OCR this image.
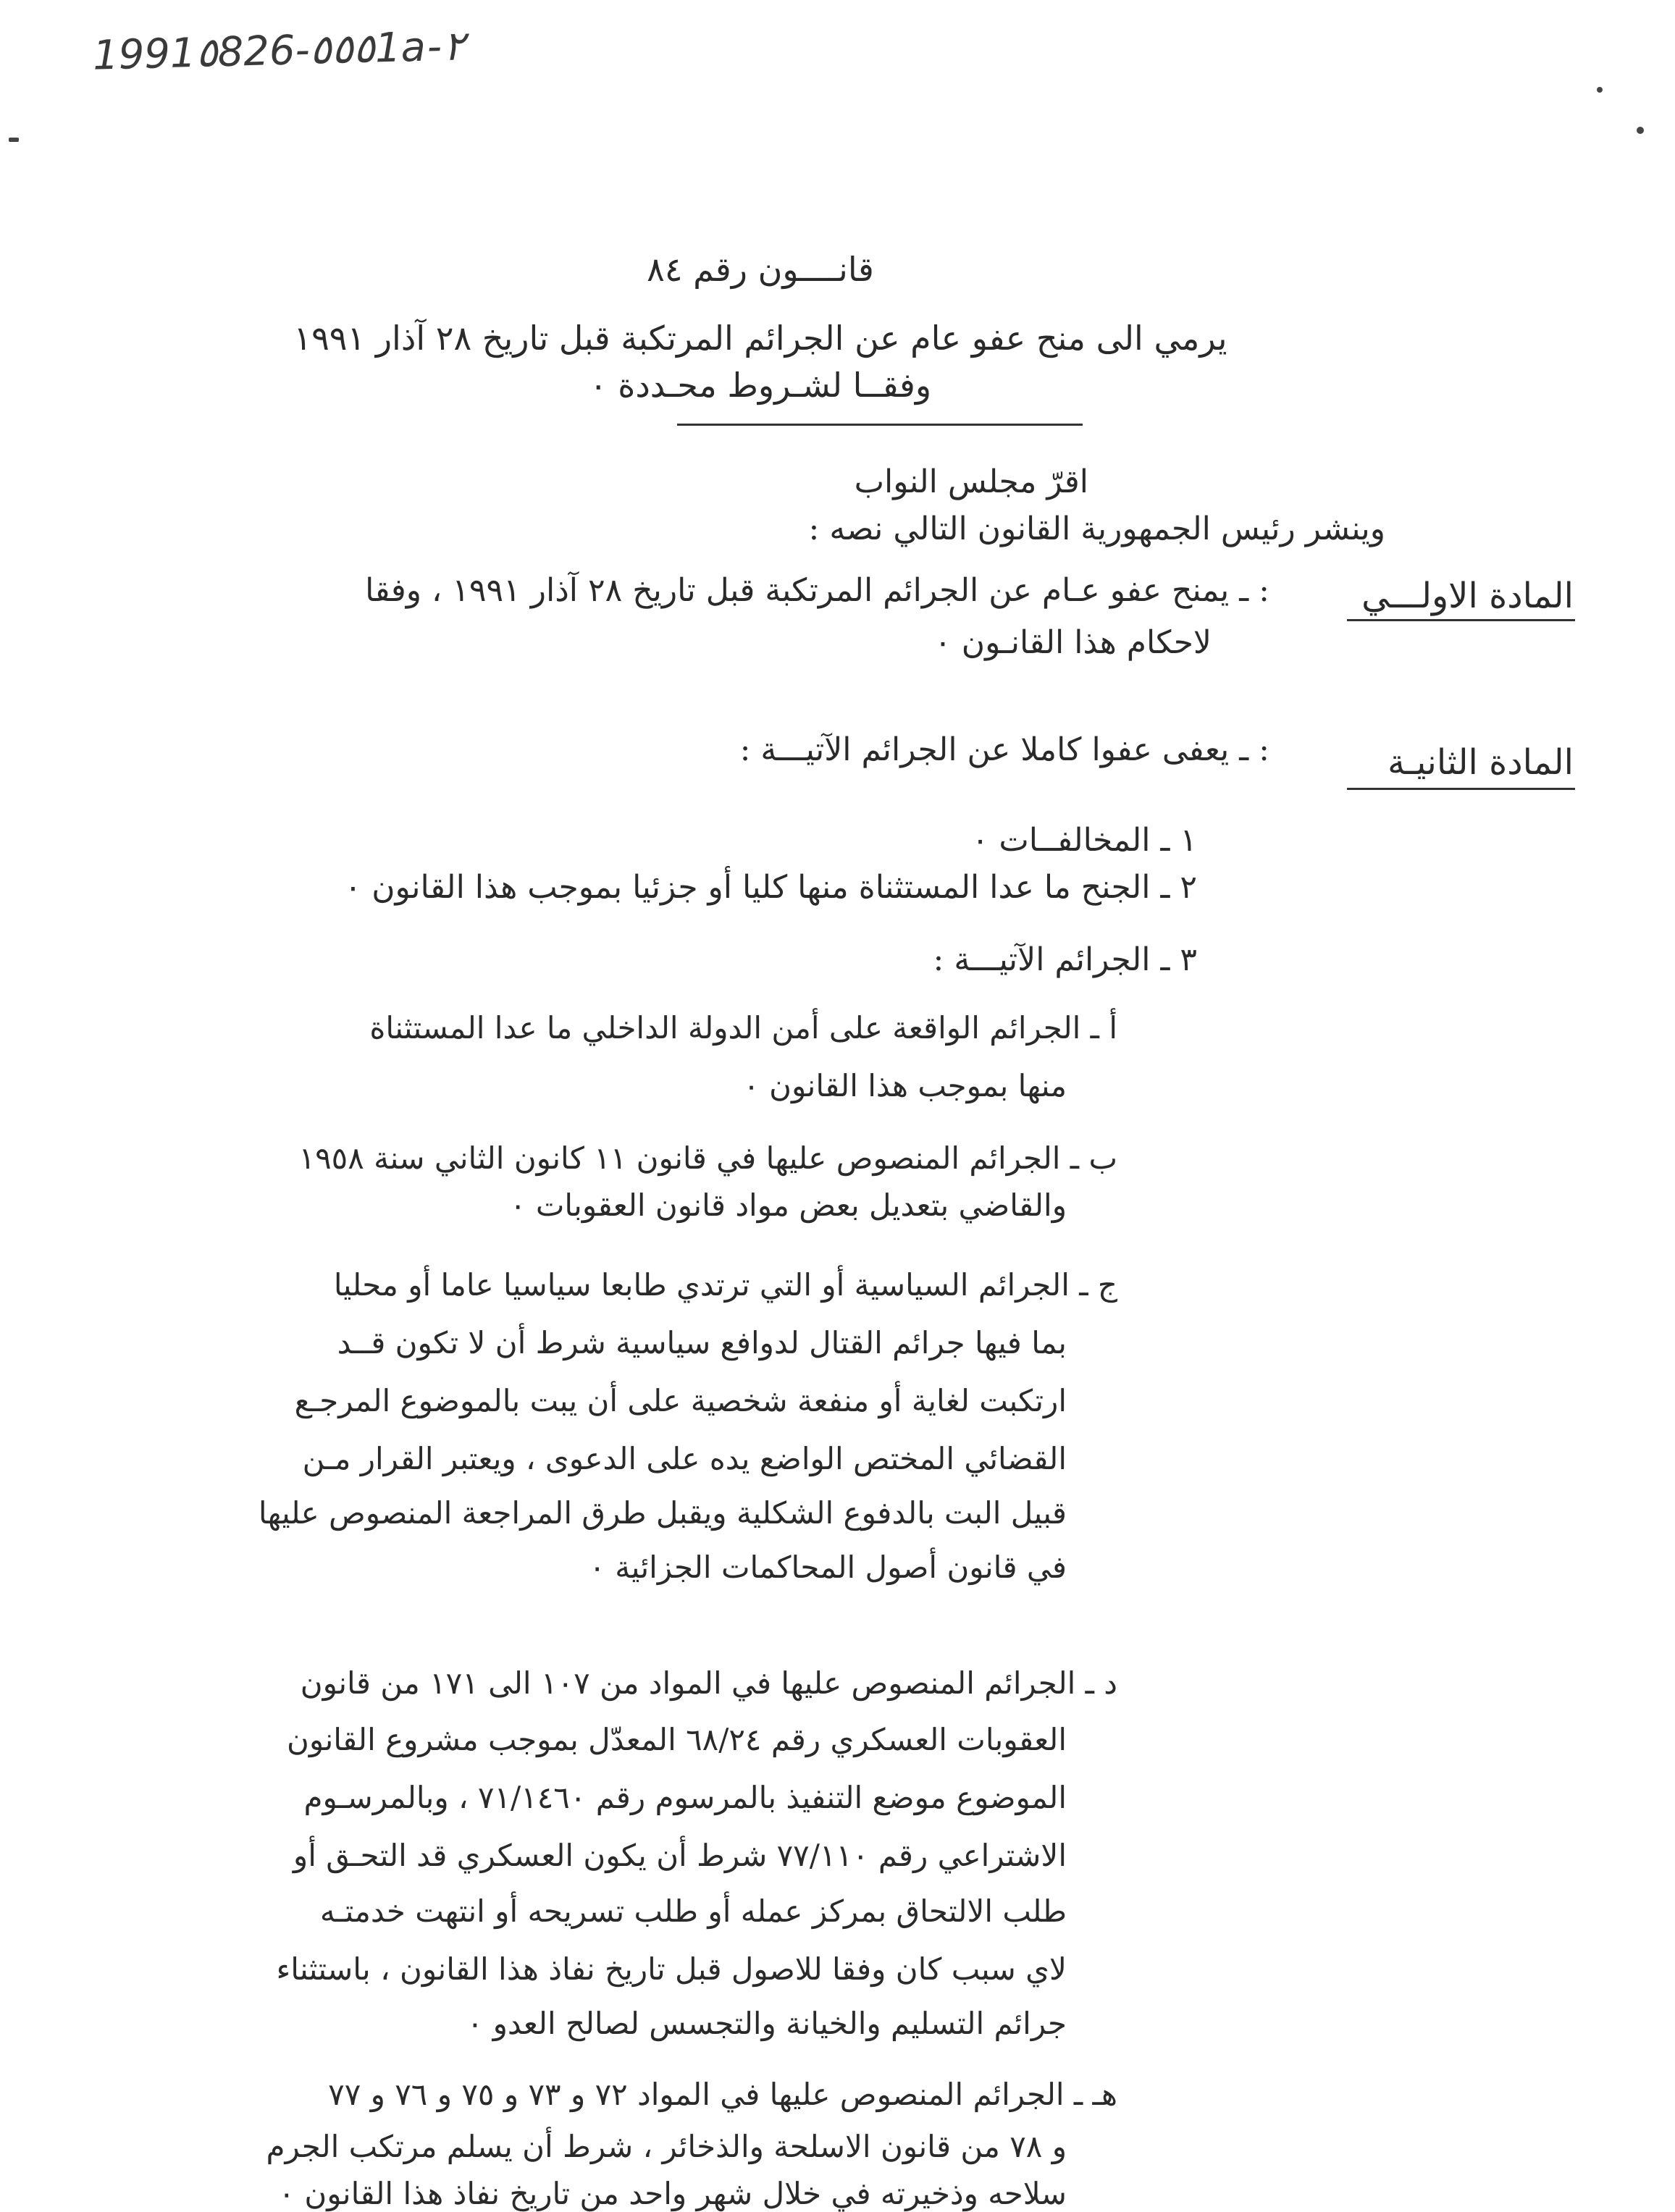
1991٥826-٥٥٥1a-٢
قانــــون رقم ٨٤
يرمي الى منح عفو عام عن الجرائم المرتكبة قبل تاريخ ٢٨ آذار ١٩٩١
وفقــا لشـروط محـددة ٠
اقرّ مجلس النواب
وينشر رئيس الجمهورية القانون التالي نصه :
المادة الاولـــي
: ـ يمنح عفو عـام عن الجرائم المرتكبة قبل تاريخ ٢٨ آذار ١٩٩١ ، وفقا
لاحكام هذا القانـون ٠
المادة الثانيـة
: ـ يعفى عفوا كاملا عن الجرائم الآتيـــة :
١ ـ المخالفــات ٠
٢ ـ الجنح ما عدا المستثناة منها كليا أو جزئيا بموجب هذا القانون ٠
٣ ـ الجرائم الآتيـــة :
أ ـ الجرائم الواقعة على أمن الدولة الداخلي ما عدا المستثناة
منها بموجب هذا القانون ٠
ب ـ الجرائم المنصوص عليها في قانون ١١ كانون الثاني سنة ١٩٥٨
والقاضي بتعديل بعض مواد قانون العقوبات ٠
ج ـ الجرائم السياسية أو التي ترتدي طابعا سياسيا عاما أو محليا
بما فيها جرائم القتال لدوافع سياسية شرط أن لا تكون قــد
ارتكبت لغاية أو منفعة شخصية على أن يبت بالموضوع المرجـع
القضائي المختص الواضع يده على الدعوى ، ويعتبر القرار مـن
قبيل البت بالدفوع الشكلية ويقبل طرق المراجعة المنصوص عليها
في قانون أصول المحاكمات الجزائية ٠
د ـ الجرائم المنصوص عليها في المواد من ١٠٧ الى ١٧١ من قانون
العقوبات العسكري رقم ٦٨/٢٤ المعدّل بموجب مشروع القانون
الموضوع موضع التنفيذ بالمرسوم رقم ٧١/١٤٦٠ ، وبالمرسـوم
الاشتراعي رقم ٧٧/١١٠ شرط أن يكون العسكري قد التحـق أو
طلب الالتحاق بمركز عمله أو طلب تسريحه أو انتهت خدمتـه
لاي سبب كان وفقا للاصول قبل تاريخ نفاذ هذا القانون ، باستثناء
جرائم التسليم والخيانة والتجسس لصالح العدو ٠
هـ ـ الجرائم المنصوص عليها في المواد ٧٢ و ٧٣ و ٧٥ و ٧٦ و ٧٧
و ٧٨ من قانون الاسلحة والذخائر ، شرط أن يسلم مرتكب الجرم
سلاحه وذخيرته في خلال شهر واحد من تاريخ نفاذ هذا القانون ٠
